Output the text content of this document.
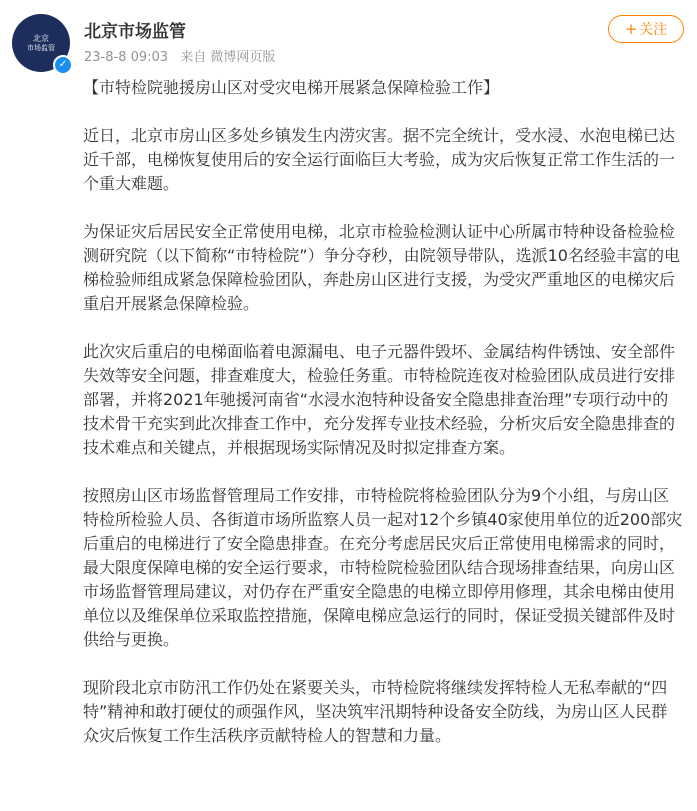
北京
市场监管
✓
北京市场监管
23-8-8 09:03 来自 微博网页版
+ 关注

【市特检院驰援房山区对受灾电梯开展紧急保障检验工作】

近日，北京市房山区多处乡镇发生内涝灾害。据不完全统计，受水浸、水泡电梯已达近千部，电梯恢复使用后的安全运行面临巨大考验，成为灾后恢复正常工作生活的一个重大难题。

为保证灾后居民安全正常使用电梯，北京市检验检测认证中心所属市特种设备检验检测研究院（以下简称“市特检院”）争分夺秒，由院领导带队，选派10名经验丰富的电梯检验师组成紧急保障检验团队，奔赴房山区进行支援，为受灾严重地区的电梯灾后重启开展紧急保障检验。

此次灾后重启的电梯面临着电源漏电、电子元器件毁坏、金属结构件锈蚀、安全部件失效等安全问题，排查难度大，检验任务重。市特检院连夜对检验团队成员进行安排部署，并将2021年驰援河南省“水浸水泡特种设备安全隐患排查治理”专项行动中的技术骨干充实到此次排查工作中，充分发挥专业技术经验，分析灾后安全隐患排查的技术难点和关键点，并根据现场实际情况及时拟定排查方案。

按照房山区市场监督管理局工作安排，市特检院将检验团队分为9个小组，与房山区特检所检验人员、各街道市场所监察人员一起对12个乡镇40家使用单位的近200部灾后重启的电梯进行了安全隐患排查。在充分考虑居民灾后正常使用电梯需求的同时，最大限度保障电梯的安全运行要求，市特检院检验团队结合现场排查结果，向房山区市场监督管理局建议，对仍存在严重安全隐患的电梯立即停用修理，其余电梯由使用单位以及维保单位采取监控措施，保障电梯应急运行的同时，保证受损关键部件及时供给与更换。

现阶段北京市防汛工作仍处在紧要关头，市特检院将继续发挥特检人无私奉献的“四特”精神和敢打硬仗的顽强作风，坚决筑牢汛期特种设备安全防线，为房山区人民群众灾后恢复工作生活秩序贡献特检人的智慧和力量。
